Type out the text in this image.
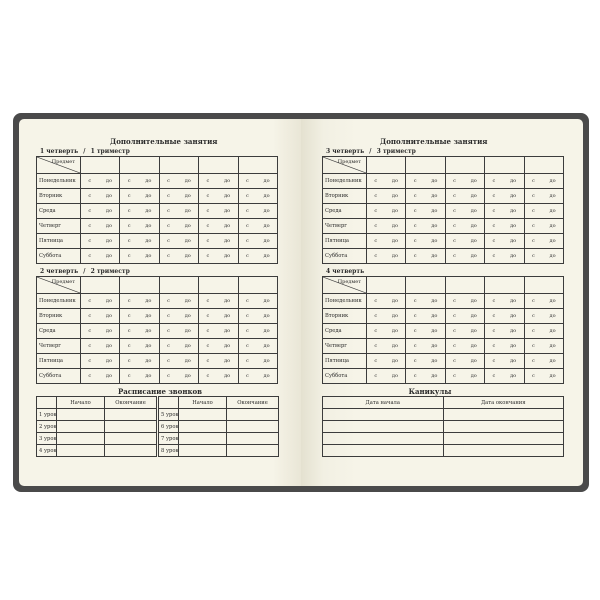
Дополнительные занятия
1 четверть / 1 триместр
Предмет					

Понедельник	с до	с до	с до	с до	с до

Вторник	с до	с до	с до	с до	с до

Среда	с до	с до	с до	с до	с до

Четверг	с до	с до	с до	с до	с до

Пятница	с до	с до	с до	с до	с до

Суббота	с до	с до	с до	с до	с до
2 четверть / 2 триместр
Предмет					

Понедельник	с до	с до	с до	с до	с до

Вторник	с до	с до	с до	с до	с до

Среда	с до	с до	с до	с до	с до

Четверг	с до	с до	с до	с до	с до

Пятница	с до	с до	с до	с до	с до

Суббота	с до	с до	с до	с до	с до
Расписание звонков
	Начало	Окончание			Начало	Окончание
1 урок				5 урок		
2 урок				6 урок		
3 урок				7 урок		
4 урок				8 урок		
Дополнительные занятия
3 четверть / 3 триместр
Предмет					

Понедельник	с до	с до	с до	с до	с до

Вторник	с до	с до	с до	с до	с до

Среда	с до	с до	с до	с до	с до

Четверг	с до	с до	с до	с до	с до

Пятница	с до	с до	с до	с до	с до

Суббота	с до	с до	с до	с до	с до
4 четверть
Предмет					

Понедельник	с до	с до	с до	с до	с до

Вторник	с до	с до	с до	с до	с до

Среда	с до	с до	с до	с до	с до

Четверг	с до	с до	с до	с до	с до

Пятница	с до	с до	с до	с до	с до

Суббота	с до	с до	с до	с до	с до
Каникулы
Дата начала	Дата окончания
